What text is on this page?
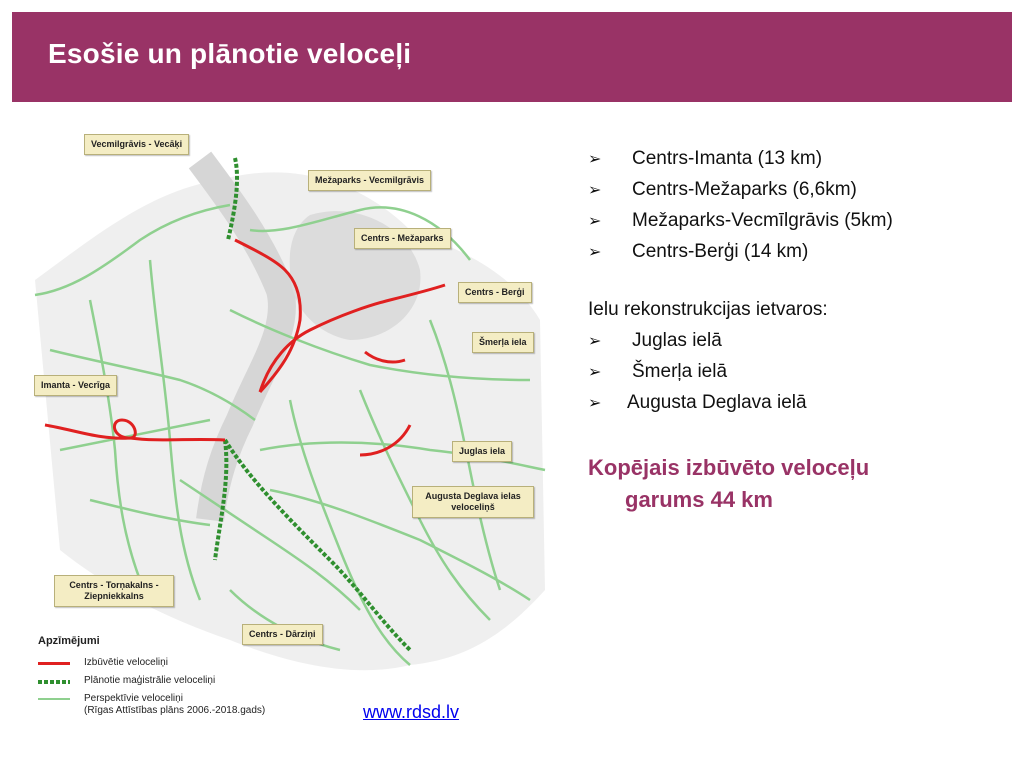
Esošie un plānotie veloceļi
Vecmilgrāvis - Vecāķi
Mežaparks - Vecmilgrāvis
Centrs - Mežaparks
Centrs - Berģi
Šmerļa iela
Imanta - Vecrīga
Juglas iela
Augusta Deglava ielas veloceliņš
Centrs - Torņakalns - Ziepniekkalns
Centrs - Dārziņi
Apzīmējumi
Izbūvētie veloceliņi
Plānotie maģistrālie veloceliņi
Perspektīvie veloceliņi
(Rīgas Attīstības plāns 2006.-2018.gads)	www.rdsd.lv
➢	Centrs-Imanta (13 km)
➢	Centrs-Mežaparks (6,6km)
➢	Mežaparks-Vecmīlgrāvis (5km)
➢	Centrs-Berģi (14 km)
Ielu rekonstrukcijas ietvaros:
➢	Juglas ielā
➢	Šmerļa ielā
➢	Augusta Deglava ielā
Kopējais izbūvēto veloceļu
garums 44 km
